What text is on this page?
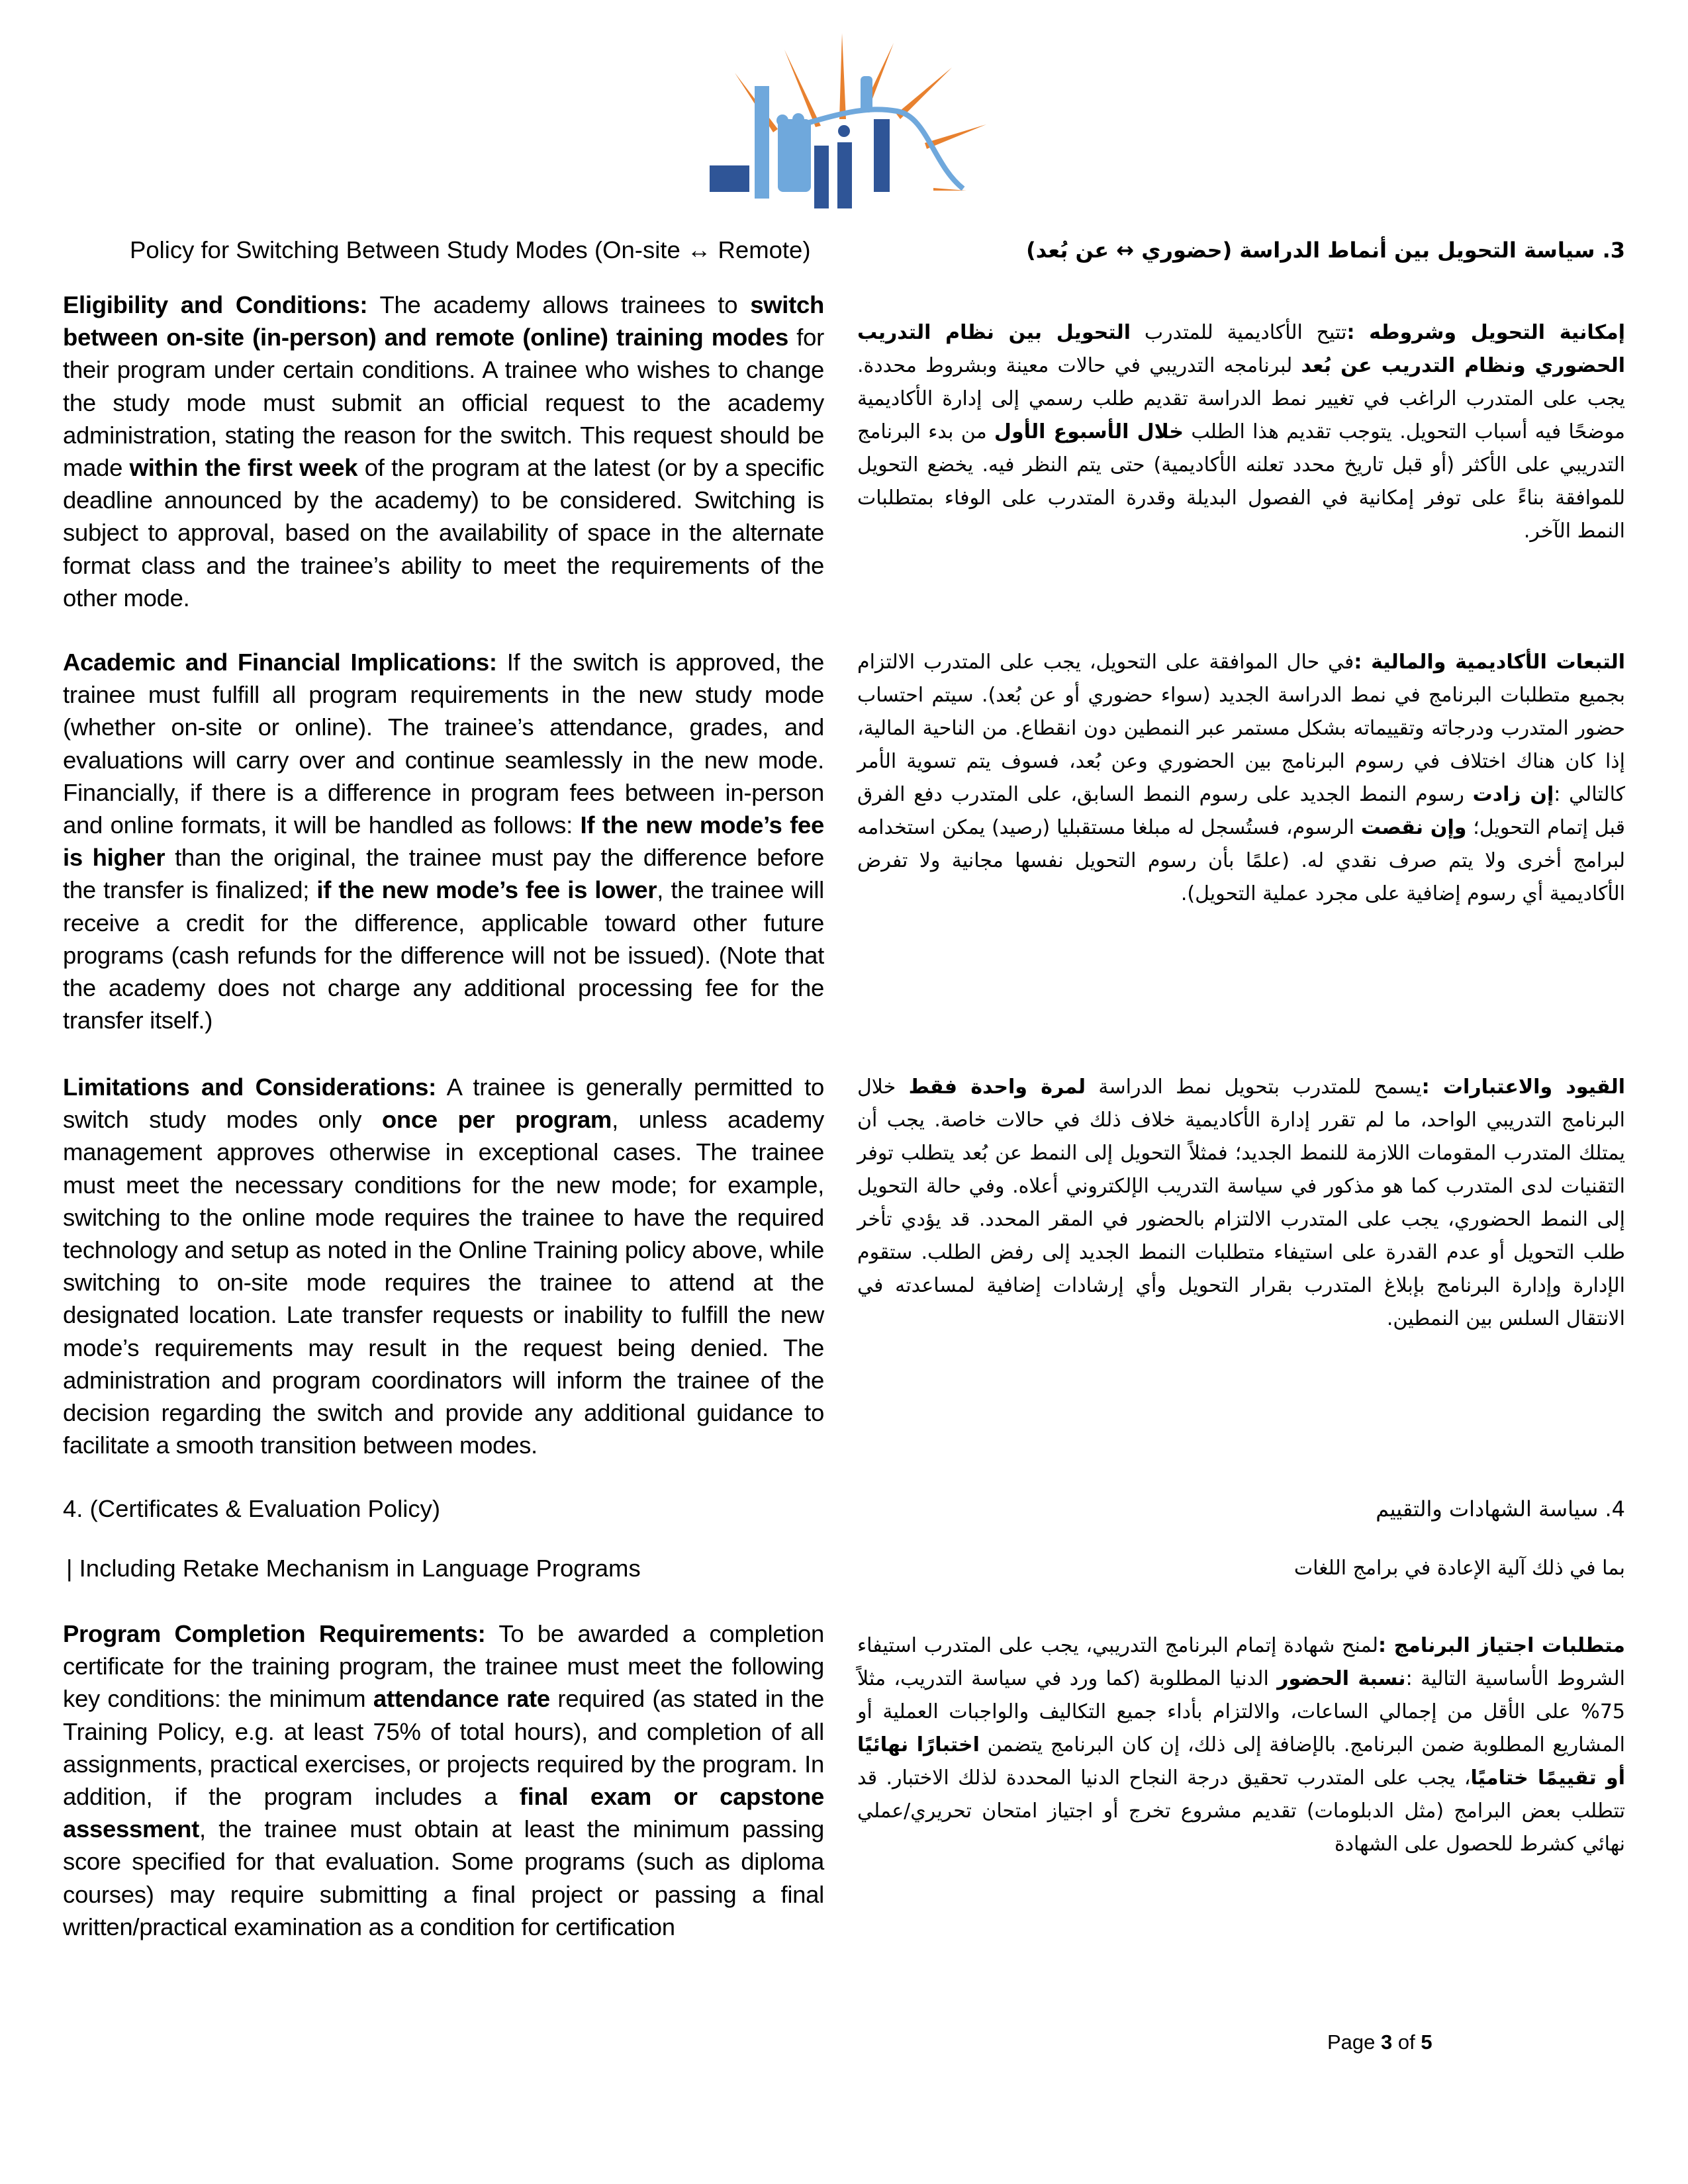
Policy for Switching Between Study Modes (On-site ↔ Remote)	3. سياسة التحويل بين أنماط الدراسة (حضوري ↔ عن بُعد)

Eligibility and Conditions: The academy allows trainees to switch between on-site (in-person) and remote (online) training modes for their program under certain conditions. A trainee who wishes to change the study mode must submit an official request to the academy administration, stating the reason for the switch. This request should be made within the first week of the program at the latest (or by a specific deadline announced by the academy) to be considered. Switching is subject to approval, based on the availability of space in the alternate format class and the trainee’s ability to meet the requirements of the other mode.

إمكانية التحويل وشروطه :تتيح الأكاديمية للمتدرب التحويل بين نظام التدريب الحضوري ونظام التدريب عن بُعد لبرنامجه التدريبي في حالات معينة وبشروط محددة. يجب على المتدرب الراغب في تغيير نمط الدراسة تقديم طلب رسمي إلى إدارة الأكاديمية موضحًا فيه أسباب التحويل. يتوجب تقديم هذا الطلب خلال الأسبوع الأول من بدء البرنامج التدريبي على الأكثر (أو قبل تاريخ محدد تعلنه الأكاديمية) حتى يتم النظر فيه. يخضع التحويل للموافقة بناءً على توفر إمكانية في الفصول البديلة وقدرة المتدرب على الوفاء بمتطلبات النمط الآخر.

Academic and Financial Implications: If the switch is approved, the trainee must fulfill all program requirements in the new study mode (whether on-site or online). The trainee’s attendance, grades, and evaluations will carry over and continue seamlessly in the new mode. Financially, if there is a difference in program fees between in-person and online formats, it will be handled as follows: If the new mode’s fee is higher than the original, the trainee must pay the difference before the transfer is finalized; if the new mode’s fee is lower, the trainee will receive a credit for the difference, applicable toward other future programs (cash refunds for the difference will not be issued). (Note that the academy does not charge any additional processing fee for the transfer itself.)

التبعات الأكاديمية والمالية :في حال الموافقة على التحويل، يجب على المتدرب الالتزام بجميع متطلبات البرنامج في نمط الدراسة الجديد (سواء حضوري أو عن بُعد). سيتم احتساب حضور المتدرب ودرجاته وتقييماته بشكل مستمر عبر النمطين دون انقطاع. من الناحية المالية، إذا كان هناك اختلاف في رسوم البرنامج بين الحضوري وعن بُعد، فسوف يتم تسوية الأمر كالتالي :إن زادت رسوم النمط الجديد على رسوم النمط السابق، على المتدرب دفع الفرق قبل إتمام التحويل؛ وإن نقصت الرسوم، فستُسجل له مبلغا مستقبليا (رصيد) يمكن استخدامه لبرامج أخرى ولا يتم صرف نقدي له. (علمًا بأن رسوم التحويل نفسها مجانية ولا تفرض الأكاديمية أي رسوم إضافية على مجرد عملية التحويل).

Limitations and Considerations: A trainee is generally permitted to switch study modes only once per program, unless academy management approves otherwise in exceptional cases. The trainee must meet the necessary conditions for the new mode; for example, switching to the online mode requires the trainee to have the required technology and setup as noted in the Online Training policy above, while switching to on-site mode requires the trainee to attend at the designated location. Late transfer requests or inability to fulfill the new mode’s requirements may result in the request being denied. The administration and program coordinators will inform the trainee of the decision regarding the switch and provide any additional guidance to facilitate a smooth transition between modes.

القيود والاعتبارات :يسمح للمتدرب بتحويل نمط الدراسة لمرة واحدة فقط خلال البرنامج التدريبي الواحد، ما لم تقرر إدارة الأكاديمية خلاف ذلك في حالات خاصة. يجب أن يمتلك المتدرب المقومات اللازمة للنمط الجديد؛ فمثلاً التحويل إلى النمط عن بُعد يتطلب توفر التقنيات لدى المتدرب كما هو مذكور في سياسة التدريب الإلكتروني أعلاه. وفي حالة التحويل إلى النمط الحضوري، يجب على المتدرب الالتزام بالحضور في المقر المحدد. قد يؤدي تأخر طلب التحويل أو عدم القدرة على استيفاء متطلبات النمط الجديد إلى رفض الطلب. ستقوم الإدارة وإدارة البرنامج بإبلاغ المتدرب بقرار التحويل وأي إرشادات إضافية لمساعدته في الانتقال السلس بين النمطين.

4. (Certificates & Evaluation Policy)	4. سياسة الشهادات والتقييم
| Including Retake Mechanism in Language Programs	بما في ذلك آلية الإعادة في برامج اللغات

Program Completion Requirements: To be awarded a completion certificate for the training program, the trainee must meet the following key conditions: the minimum attendance rate required (as stated in the Training Policy, e.g. at least 75% of total hours), and completion of all assignments, practical exercises, or projects required by the program. In addition, if the program includes a final exam or capstone assessment, the trainee must obtain at least the minimum passing score specified for that evaluation. Some programs (such as diploma courses) may require submitting a final project or passing a final written/practical examination as a condition for certification

متطلبات اجتياز البرنامج :لمنح شهادة إتمام البرنامج التدريبي، يجب على المتدرب استيفاء الشروط الأساسية التالية :نسبة الحضور الدنيا المطلوبة (كما ورد في سياسة التدريب، مثلاً 75% على الأقل من إجمالي الساعات، والالتزام بأداء جميع التكاليف والواجبات العملية أو المشاريع المطلوبة ضمن البرنامج. بالإضافة إلى ذلك، إن كان البرنامج يتضمن اختبارًا نهائيًا أو تقييمًا ختاميًا، يجب على المتدرب تحقيق درجة النجاح الدنيا المحددة لذلك الاختبار. قد تتطلب بعض البرامج (مثل الدبلومات) تقديم مشروع تخرج أو اجتياز امتحان تحريري/عملي نهائي كشرط للحصول على الشهادة

Page 3 of 5
